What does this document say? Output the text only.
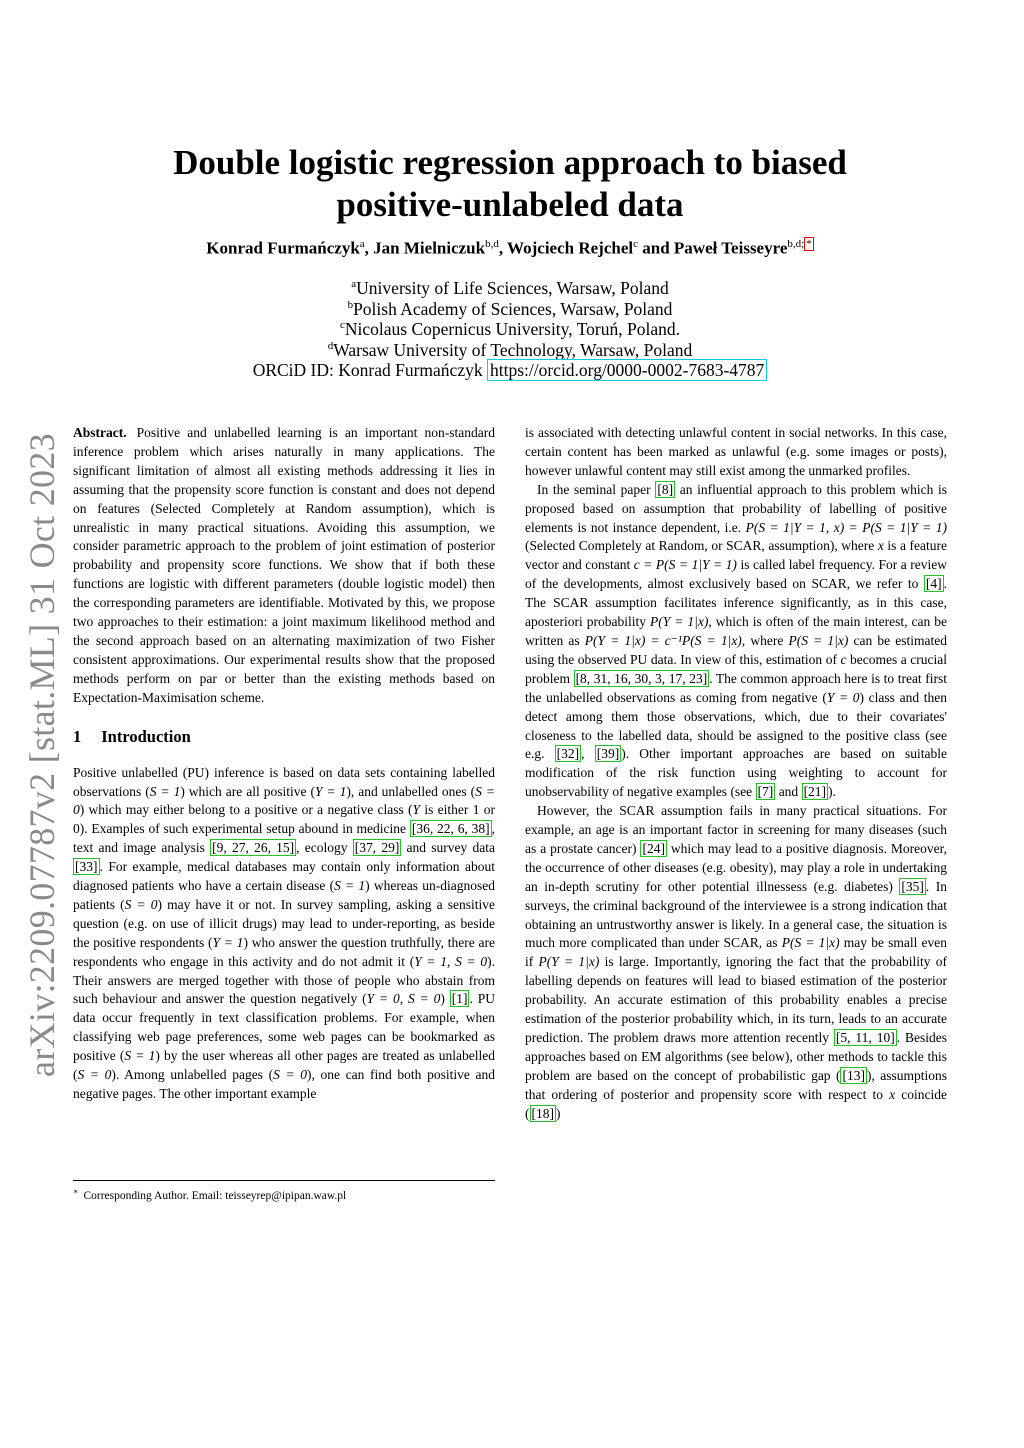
arXiv:2209.07787v2 [stat.ML] 31 Oct 2023
Double logistic regression approach to biased
positive-unlabeled data
Konrad Furmańczyk$^a$, Jan Mielniczuk$^{b,d}$, Wojciech Rejchel$^c$ and Paweł Teisseyre$^{b,d;}$ *
$^a$University of Life Sciences, Warsaw, Poland
$^b$Polish Academy of Sciences, Warsaw, Poland
$^c$Nicolaus Copernicus University, Toruń, Poland.
$^d$Warsaw University of Technology, Warsaw, Poland
ORCiD ID: Konrad Furmańczyk https://orcid.org/0000-0002-7683-4787

Abstract. Positive and unlabelled learning is an important non-standard inference problem which arises naturally in many applications. The significant limitation of almost all existing methods addressing it lies in assuming that the propensity score function is constant and does not depend on features (Selected Completely at Random assumption), which is unrealistic in many practical situations. Avoiding this assumption, we consider parametric approach to the problem of joint estimation of posterior probability and propensity score functions. We show that if both these functions are logistic with different parameters (double logistic model) then the corresponding parameters are identifiable. Motivated by this, we propose two approaches to their estimation: a joint maximum likelihood method and the second approach based on an alternating maximization of two Fisher consistent approximations. Our experimental results show that the proposed methods perform on par or better than the existing methods based on Expectation-Maximisation scheme.

1 Introduction

Positive unlabelled (PU) inference is based on data sets containing labelled observations (S = 1) which are all positive (Y = 1), and unlabelled ones (S = 0) which may either belong to a positive or a negative class (Y is either 1 or 0). Examples of such experimental setup abound in medicine [36, 22, 6, 38] , text and image analysis [9, 27, 26, 15] , ecology [37, 29] and survey data [33] . For example, medical databases may contain only information about diagnosed patients who have a certain disease (S = 1) whereas un-diagnosed patients (S = 0) may have it or not. In survey sampling, asking a sensitive question (e.g. on use of illicit drugs) may lead to under-reporting, as beside the positive respondents (Y = 1) who answer the question truthfully, there are respondents who engage in this activity and do not admit it (Y = 1, S = 0). Their answers are merged together with those of people who abstain from such behaviour and answer the question negatively (Y = 0, S = 0) [1] . PU data occur frequently in text classification problems. For example, when classifying web page preferences, some web pages can be bookmarked as positive (S = 1) by the user whereas all other pages are treated as unlabelled (S = 0). Among unlabelled pages (S = 0), one can find both positive and negative pages. The other important example

∗ Corresponding Author. Email: teisseyrep@ipipan.waw.pl

is associated with detecting unlawful content in social networks. In this case, certain content has been marked as unlawful (e.g. some images or posts), however unlawful content may still exist among the unmarked profiles.

In the seminal paper [8] an influential approach to this problem which is proposed based on assumption that probability of labelling of positive elements is not instance dependent, i.e. P(S = 1|Y = 1, x) = P(S = 1|Y = 1) (Selected Completely at Random, or SCAR, assumption), where x is a feature vector and constant c = P(S = 1|Y = 1) is called label frequency. For a review of the developments, almost exclusively based on SCAR, we refer to [4] . The SCAR assumption facilitates inference significantly, as in this case, aposteriori probability P(Y = 1|x), which is often of the main interest, can be written as P(Y = 1|x) = c⁻¹P(S = 1|x), where P(S = 1|x) can be estimated using the observed PU data. In view of this, estimation of c becomes a crucial problem [8, 31, 16, 30, 3, 17, 23] . The common approach here is to treat first the unlabelled observations as coming from negative (Y = 0) class and then detect among them those observations, which, due to their covariates' closeness to the labelled data, should be assigned to the positive class (see e.g. [32] , [39] ). Other important approaches are based on suitable modification of the risk function using weighting to account for unobservability of negative examples (see [7] and [21] ).

However, the SCAR assumption fails in many practical situations. For example, an age is an important factor in screening for many diseases (such as a prostate cancer) [24] which may lead to a positive diagnosis. Moreover, the occurrence of other diseases (e.g. obesity), may play a role in undertaking an in-depth scrutiny for other potential illnessess (e.g. diabetes) [35] . In surveys, the criminal background of the interviewee is a strong indication that obtaining an untrustworthy answer is likely. In a general case, the situation is much more complicated than under SCAR, as P(S = 1|x) may be small even if P(Y = 1|x) is large. Importantly, ignoring the fact that the probability of labelling depends on features will lead to biased estimation of the posterior probability. An accurate estimation of this probability enables a precise estimation of the posterior probability which, in its turn, leads to an accurate prediction. The problem draws more attention recently [5, 11, 10] . Besides approaches based on EM algorithms (see below), other methods to tackle this problem are based on the concept of probabilistic gap ( [13] ), assumptions that ordering of posterior and propensity score with respect to x coincide ( [18] )
